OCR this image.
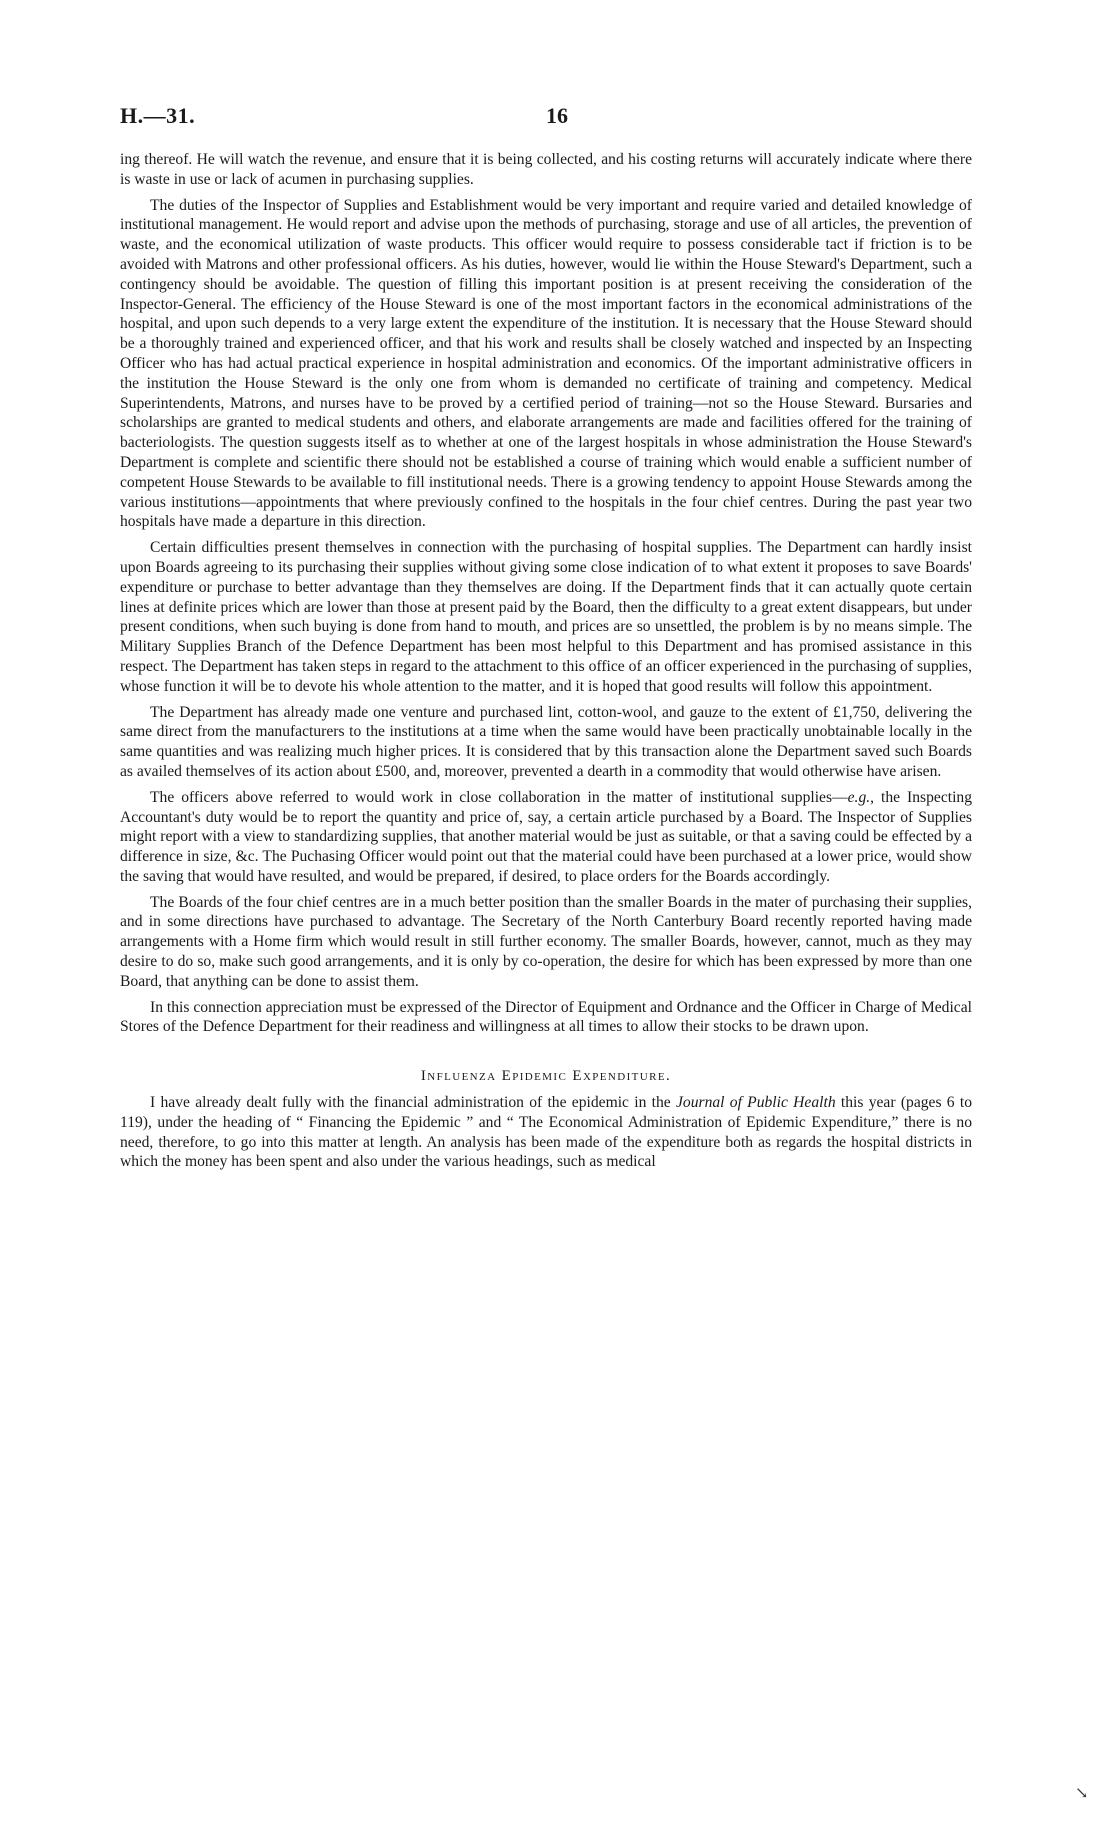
H.—31.	16

ing thereof. He will watch the revenue, and ensure that it is being collected, and his costing returns will accurately indicate where there is waste in use or lack of acumen in purchasing supplies.

The duties of the Inspector of Supplies and Establishment would be very important and require varied and detailed knowledge of institutional management. He would report and advise upon the methods of purchasing, storage and use of all articles, the prevention of waste, and the economical utilization of waste products. This officer would require to possess considerable tact if friction is to be avoided with Matrons and other professional officers. As his duties, however, would lie within the House Steward's Department, such a contingency should be avoidable. The question of filling this important position is at present receiving the consideration of the Inspector-General. The efficiency of the House Steward is one of the most important factors in the economical administrations of the hospital, and upon such depends to a very large extent the expenditure of the institution. It is necessary that the House Steward should be a thoroughly trained and experienced officer, and that his work and results shall be closely watched and inspected by an Inspecting Officer who has had actual practical experience in hospital administration and economics. Of the important administrative officers in the institution the House Steward is the only one from whom is demanded no certificate of training and competency. Medical Superintendents, Matrons, and nurses have to be proved by a certified period of training—not so the House Steward. Bursaries and scholarships are granted to medical students and others, and elaborate arrangements are made and facilities offered for the training of bacteriologists. The question suggests itself as to whether at one of the largest hospitals in whose administration the House Steward's Department is complete and scientific there should not be established a course of training which would enable a sufficient number of competent House Stewards to be available to fill institutional needs. There is a growing tendency to appoint House Stewards among the various institutions—appointments that where previously confined to the hospitals in the four chief centres. During the past year two hospitals have made a departure in this direction.

Certain difficulties present themselves in connection with the purchasing of hospital supplies. The Department can hardly insist upon Boards agreeing to its purchasing their supplies without giving some close indication of to what extent it proposes to save Boards' expenditure or purchase to better advantage than they themselves are doing. If the Department finds that it can actually quote certain lines at definite prices which are lower than those at present paid by the Board, then the difficulty to a great extent disappears, but under present conditions, when such buying is done from hand to mouth, and prices are so unsettled, the problem is by no means simple. The Military Supplies Branch of the Defence Department has been most helpful to this Department and has promised assistance in this respect. The Department has taken steps in regard to the attachment to this office of an officer experienced in the purchasing of supplies, whose function it will be to devote his whole attention to the matter, and it is hoped that good results will follow this appointment.

The Department has already made one venture and purchased lint, cotton-wool, and gauze to the extent of £1,750, delivering the same direct from the manufacturers to the institutions at a time when the same would have been practically unobtainable locally in the same quantities and was realizing much higher prices. It is considered that by this transaction alone the Department saved such Boards as availed themselves of its action about £500, and, moreover, prevented a dearth in a commodity that would otherwise have arisen.

The officers above referred to would work in close collaboration in the matter of institutional supplies—e.g., the Inspecting Accountant's duty would be to report the quantity and price of, say, a certain article purchased by a Board. The Inspector of Supplies might report with a view to standardizing supplies, that another material would be just as suitable, or that a saving could be effected by a difference in size, &c. The Puchasing Officer would point out that the material could have been purchased at a lower price, would show the saving that would have resulted, and would be prepared, if desired, to place orders for the Boards accordingly.

The Boards of the four chief centres are in a much better position than the smaller Boards in the mater of purchasing their supplies, and in some directions have purchased to advantage. The Secretary of the North Canterbury Board recently reported having made arrangements with a Home firm which would result in still further economy. The smaller Boards, however, cannot, much as they may desire to do so, make such good arrangements, and it is only by co-operation, the desire for which has been expressed by more than one Board, that anything can be done to assist them.

In this connection appreciation must be expressed of the Director of Equipment and Ordnance and the Officer in Charge of Medical Stores of the Defence Department for their readiness and willingness at all times to allow their stocks to be drawn upon.

Influenza Epidemic Expenditure.

I have already dealt fully with the financial administration of the epidemic in the Journal of Public Health this year (pages 6 to 119), under the heading of “ Financing the Epidemic ” and “ The Economical Administration of Epidemic Expenditure,” there is no need, therefore, to go into this matter at length. An analysis has been made of the expenditure both as regards the hospital districts in which the money has been spent and also under the various headings, such as medical

↘
